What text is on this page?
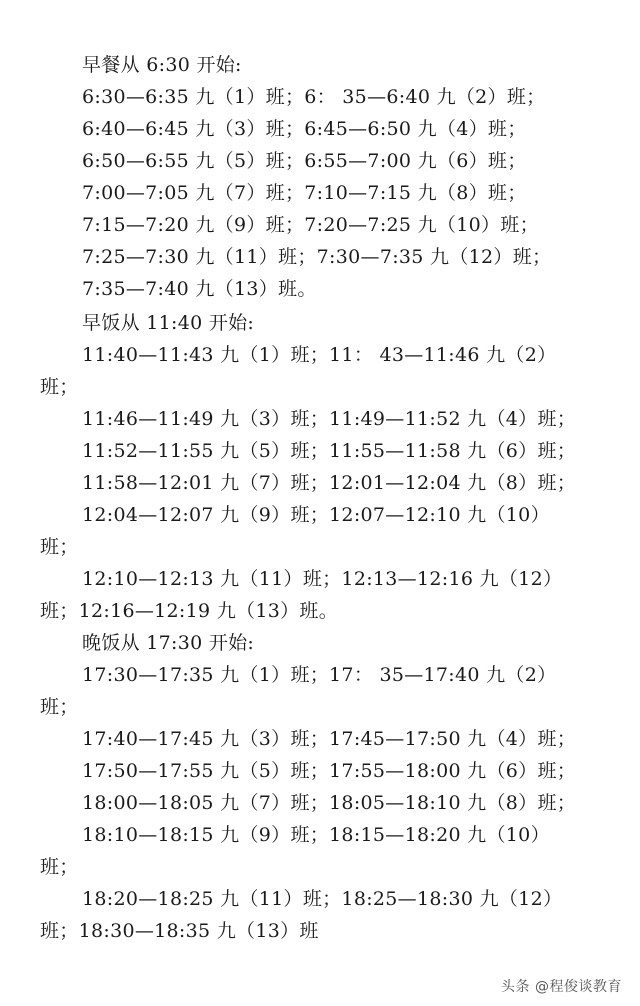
早餐从 6:30 开始:
6:30—6:35 九（1）班；6： 35—6:40 九（2）班；
6:40—6:45 九（3）班；6:45—6:50 九（4）班；
6:50—6:55 九（5）班；6:55—7:00 九（6）班；
7:00—7:05 九（7）班；7:10—7:15 九（8）班；
7:15—7:20 九（9）班；7:20—7:25 九（10）班；
7:25—7:30 九（11）班；7:30—7:35 九（12）班；
7:35—7:40 九（13）班。
早饭从 11:40 开始:
11:40—11:43 九（1）班；11： 43—11:46 九（2）
班；
11:46—11:49 九（3）班；11:49—11:52 九（4）班；
11:52—11:55 九（5）班；11:55—11:58 九（6）班；
11:58—12:01 九（7）班；12:01—12:04 九（8）班；
12:04—12:07 九（9）班；12:07—12:10 九（10）
班；
12:10—12:13 九（11）班；12:13—12:16 九（12）
班；12:16—12:19 九（13）班。
晚饭从 17:30 开始:
17:30—17:35 九（1）班；17： 35—17:40 九（2）
班；
17:40—17:45 九（3）班；17:45—17:50 九（4）班；
17:50—17:55 九（5）班；17:55—18:00 九（6）班；
18:00—18:05 九（7）班；18:05—18:10 九（8）班；
18:10—18:15 九（9）班；18:15—18:20 九（10）
班；
18:20—18:25 九（11）班；18:25—18:30 九（12）
班；18:30—18:35 九（13）班
头条 @程俊谈教育
